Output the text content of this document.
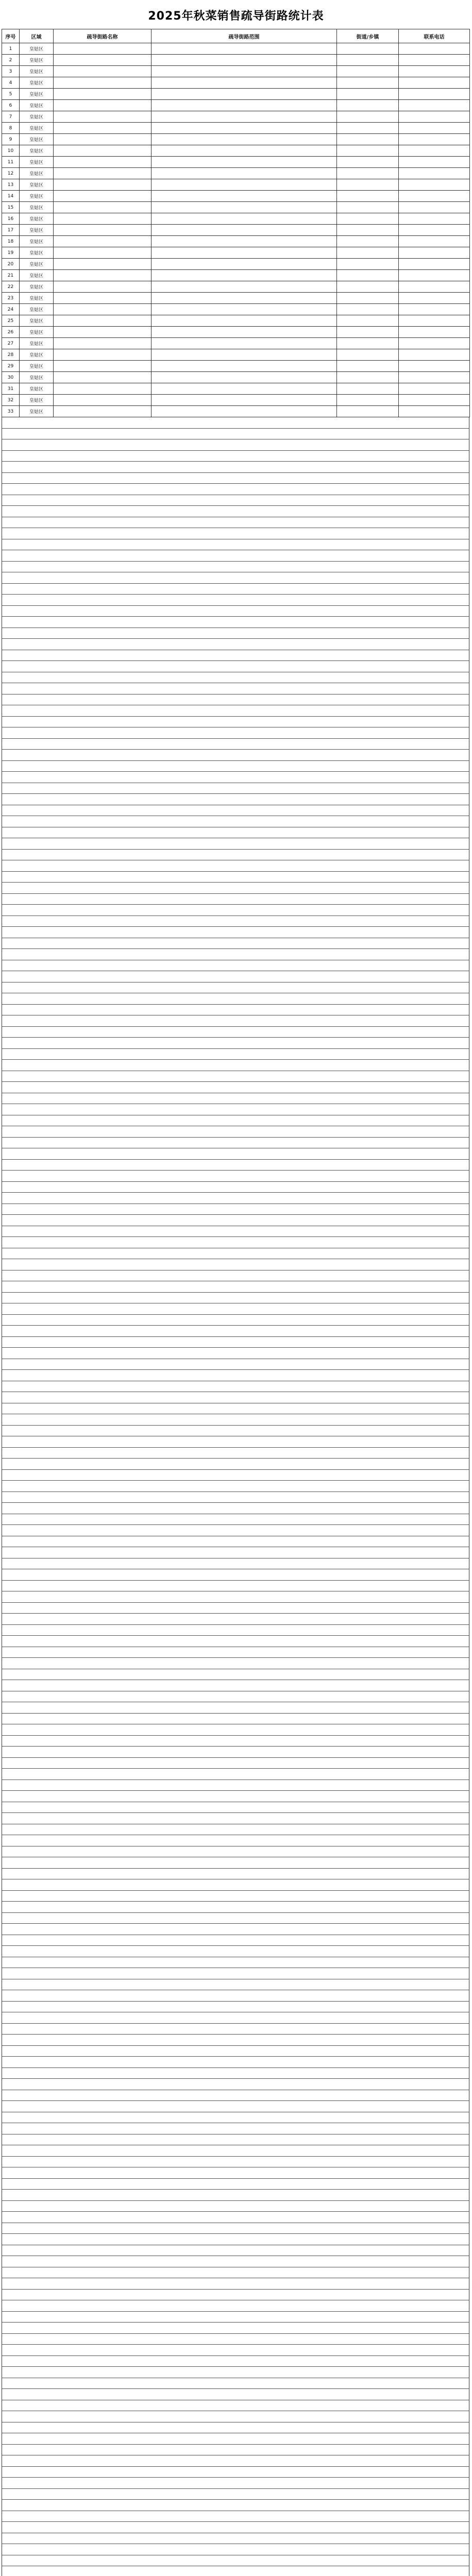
2025年秋菜销售疏导街路统计表
序号	区域	疏导街路名称	疏导街路范围	街道/乡镇	联系电话
1	皇姑区				
2	皇姑区				
3	皇姑区				
4	皇姑区				
5	皇姑区				
6	皇姑区				
7	皇姑区				
8	皇姑区				
9	皇姑区				
10	皇姑区				
11	皇姑区				
12	皇姑区				
13	皇姑区				
14	皇姑区				
15	皇姑区				
16	皇姑区				
17	皇姑区				
18	皇姑区				
19	皇姑区				
20	皇姑区				
21	皇姑区				
22	皇姑区				
23	皇姑区				
24	皇姑区				
25	皇姑区				
26	皇姑区				
27	皇姑区				
28	皇姑区				
29	皇姑区				
30	皇姑区				
31	皇姑区				
32	皇姑区				
33	皇姑区				
